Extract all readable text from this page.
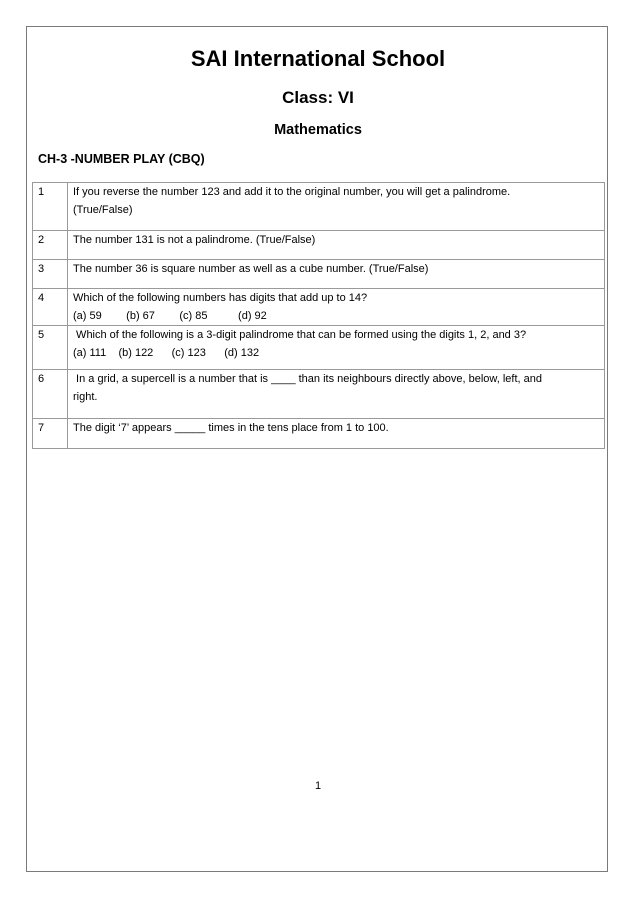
SAI International School
Class: VI
Mathematics
CH-3 -NUMBER PLAY (CBQ)
1	If you reverse the number 123 and add it to the original number, you will get a palindrome.
(True/False)

2	The number 131 is not a palindrome. (True/False)

3	The number 36 is square number as well as a cube number. (True/False)

4	Which of the following numbers has digits that add up to 14?
(a) 59        (b) 67        (c) 85          (d) 92

5	Which of the following is a 3-digit palindrome that can be formed using the digits 1, 2, and 3?
(a) 111    (b) 122      (c) 123      (d) 132

6	In a grid, a supercell is a number that is ____ than its neighbours directly above, below, left, and
right.

7	The digit ‘7’ appears _____ times in the tens place from 1 to 100.
1
